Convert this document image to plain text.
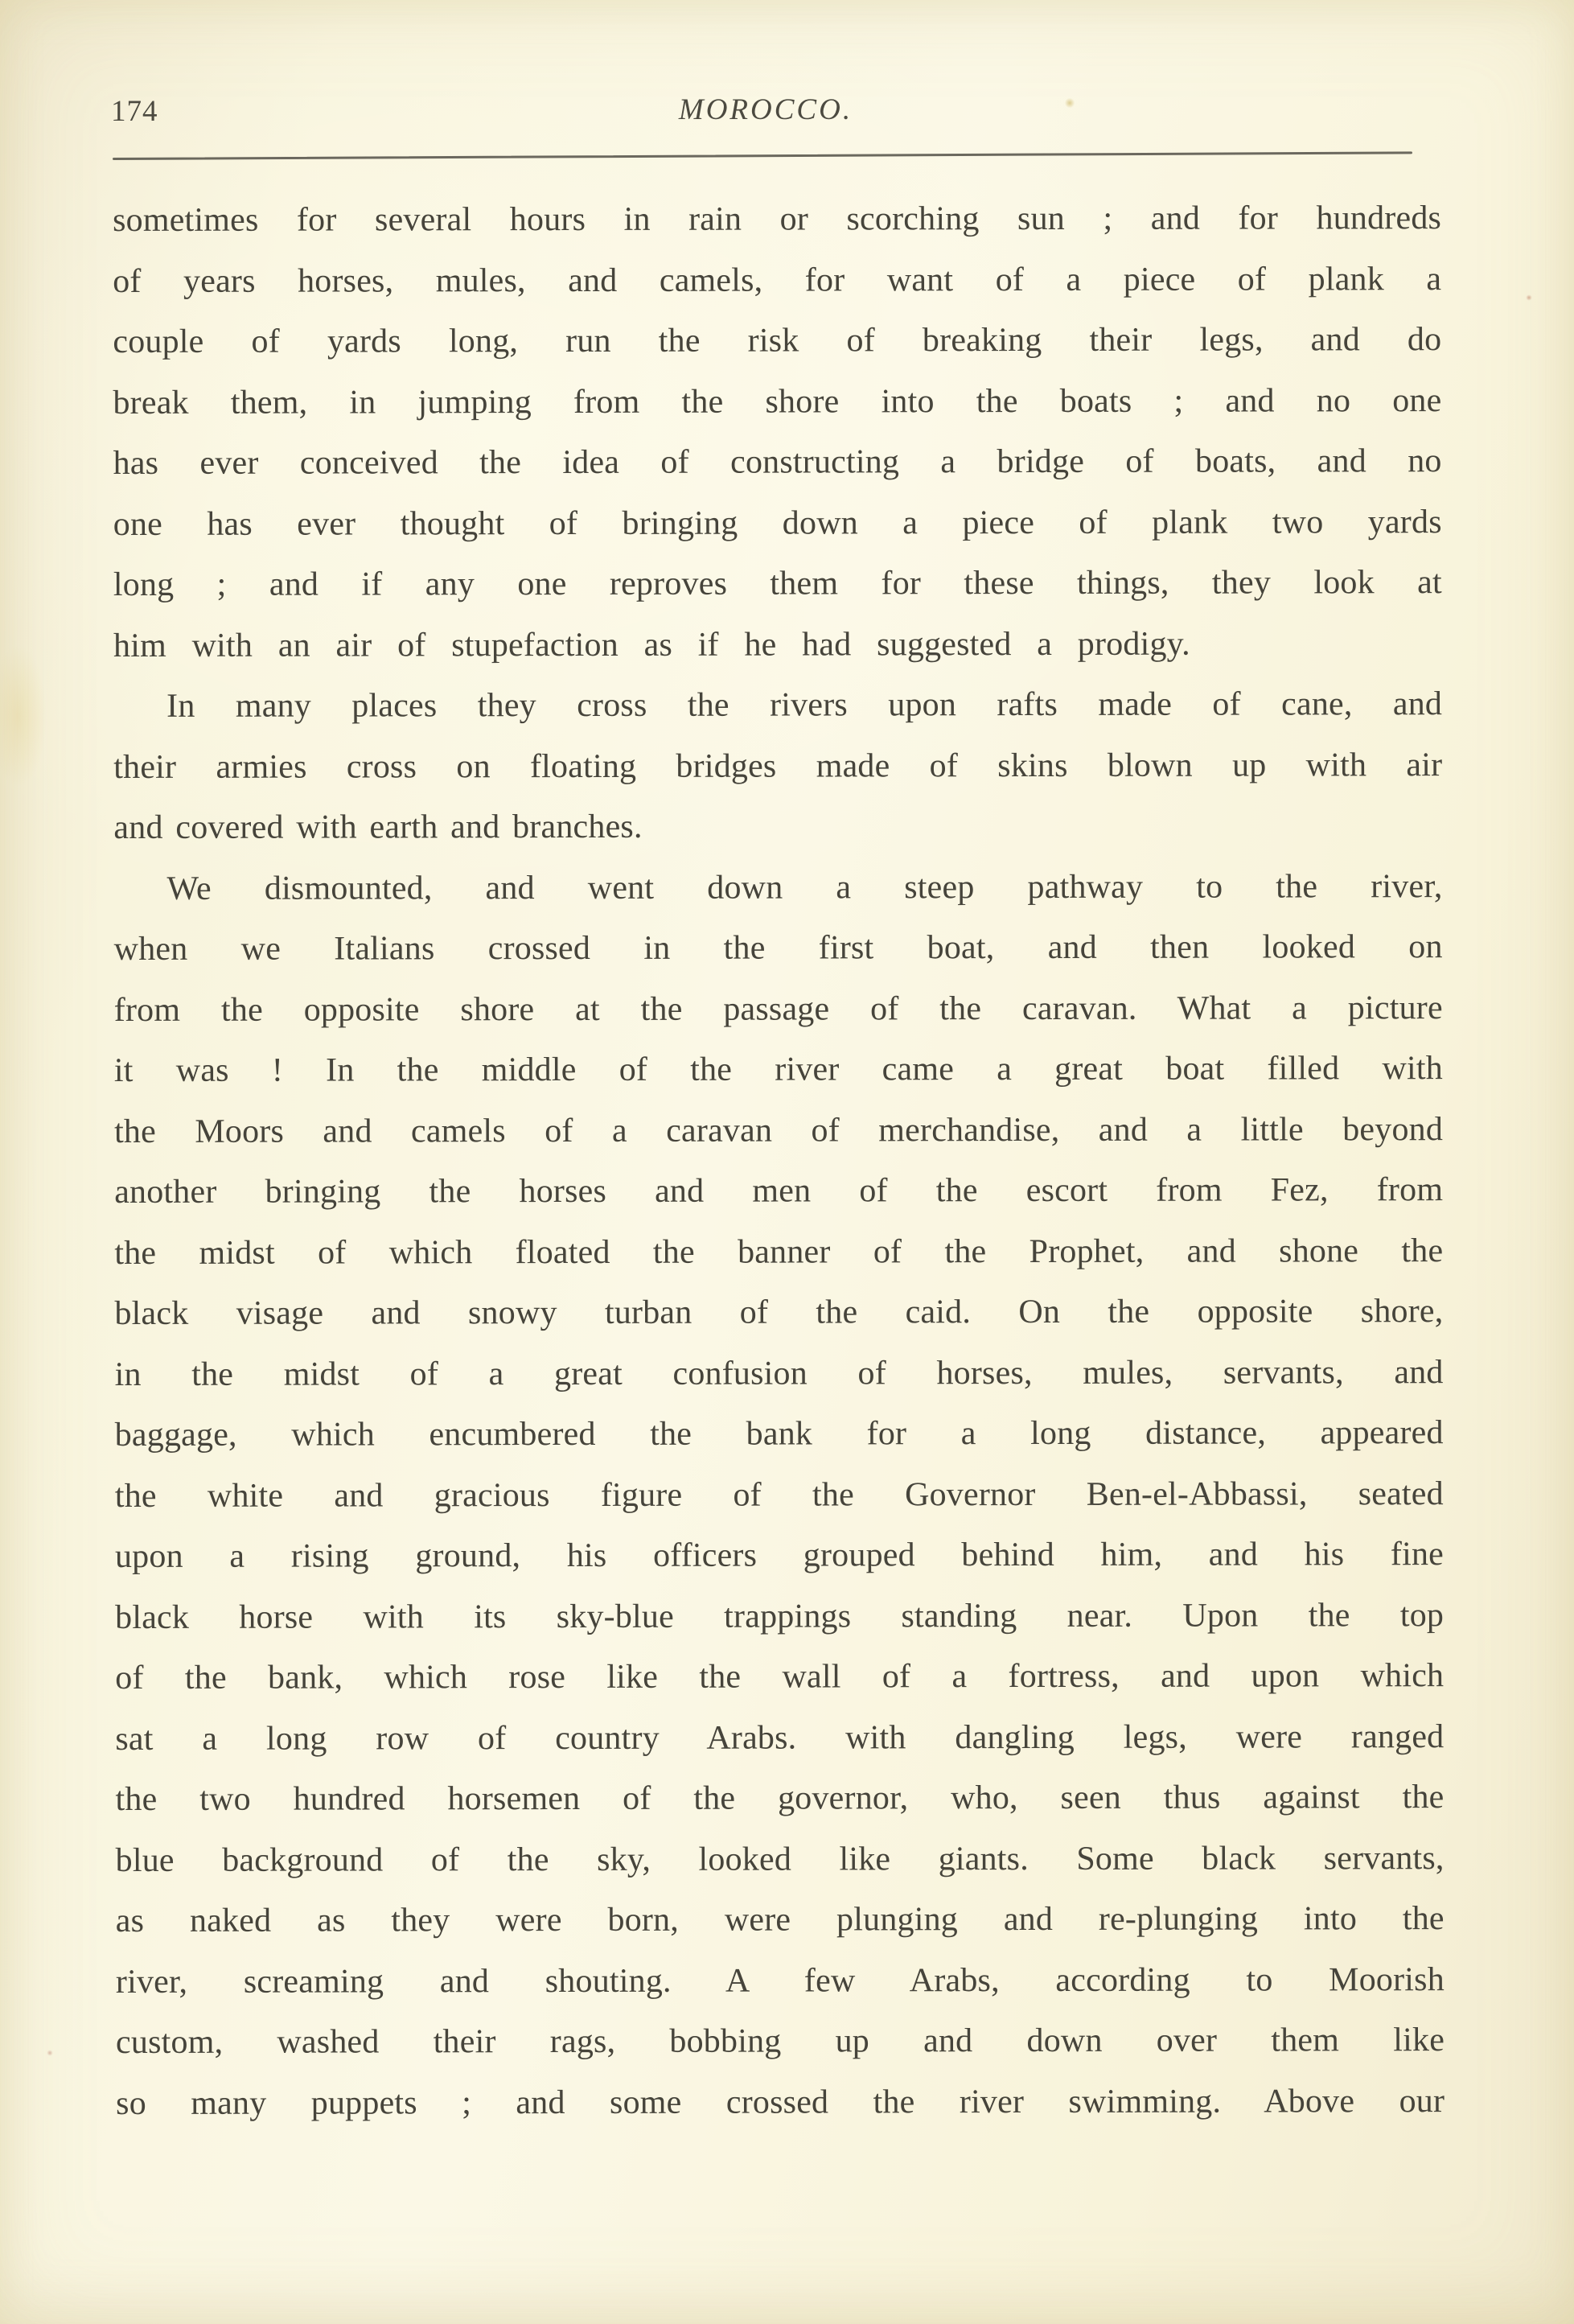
174	MOROCCO.
sometimes for several hours in rain or scorching sun ; and for hundreds
of years horses, mules, and camels, for want of a piece of plank a
couple of yards long, run the risk of breaking their legs, and do
break them, in jumping from the shore into the boats ; and no one
has ever conceived the idea of constructing a bridge of boats, and no
one has ever thought of bringing down a piece of plank two yards
long ; and if any one reproves them for these things, they look at
him with an air of stupefaction as if he had suggested a prodigy.
In many places they cross the rivers upon rafts made of cane, and
their armies cross on floating bridges made of skins blown up with air
and covered with earth and branches.
We dismounted, and went down a steep pathway to the river,
when we Italians crossed in the first boat, and then looked on
from the opposite shore at the passage of the caravan. What a picture
it was ! In the middle of the river came a great boat filled with
the Moors and camels of a caravan of merchandise, and a little beyond
another bringing the horses and men of the escort from Fez, from
the midst of which floated the banner of the Prophet, and shone the
black visage and snowy turban of the caid. On the opposite shore,
in the midst of a great confusion of horses, mules, servants, and
baggage, which encumbered the bank for a long distance, appeared
the white and gracious figure of the Governor Ben-el-Abbassi, seated
upon a rising ground, his officers grouped behind him, and his fine
black horse with its sky-blue trappings standing near. Upon the top
of the bank, which rose like the wall of a fortress, and upon which
sat a long row of country Arabs. with dangling legs, were ranged
the two hundred horsemen of the governor, who, seen thus against the
blue background of the sky, looked like giants. Some black servants,
as naked as they were born, were plunging and re-plunging into the
river, screaming and shouting. A few Arabs, according to Moorish
custom, washed their rags, bobbing up and down over them like
so many puppets ; and some crossed the river swimming. Above our
